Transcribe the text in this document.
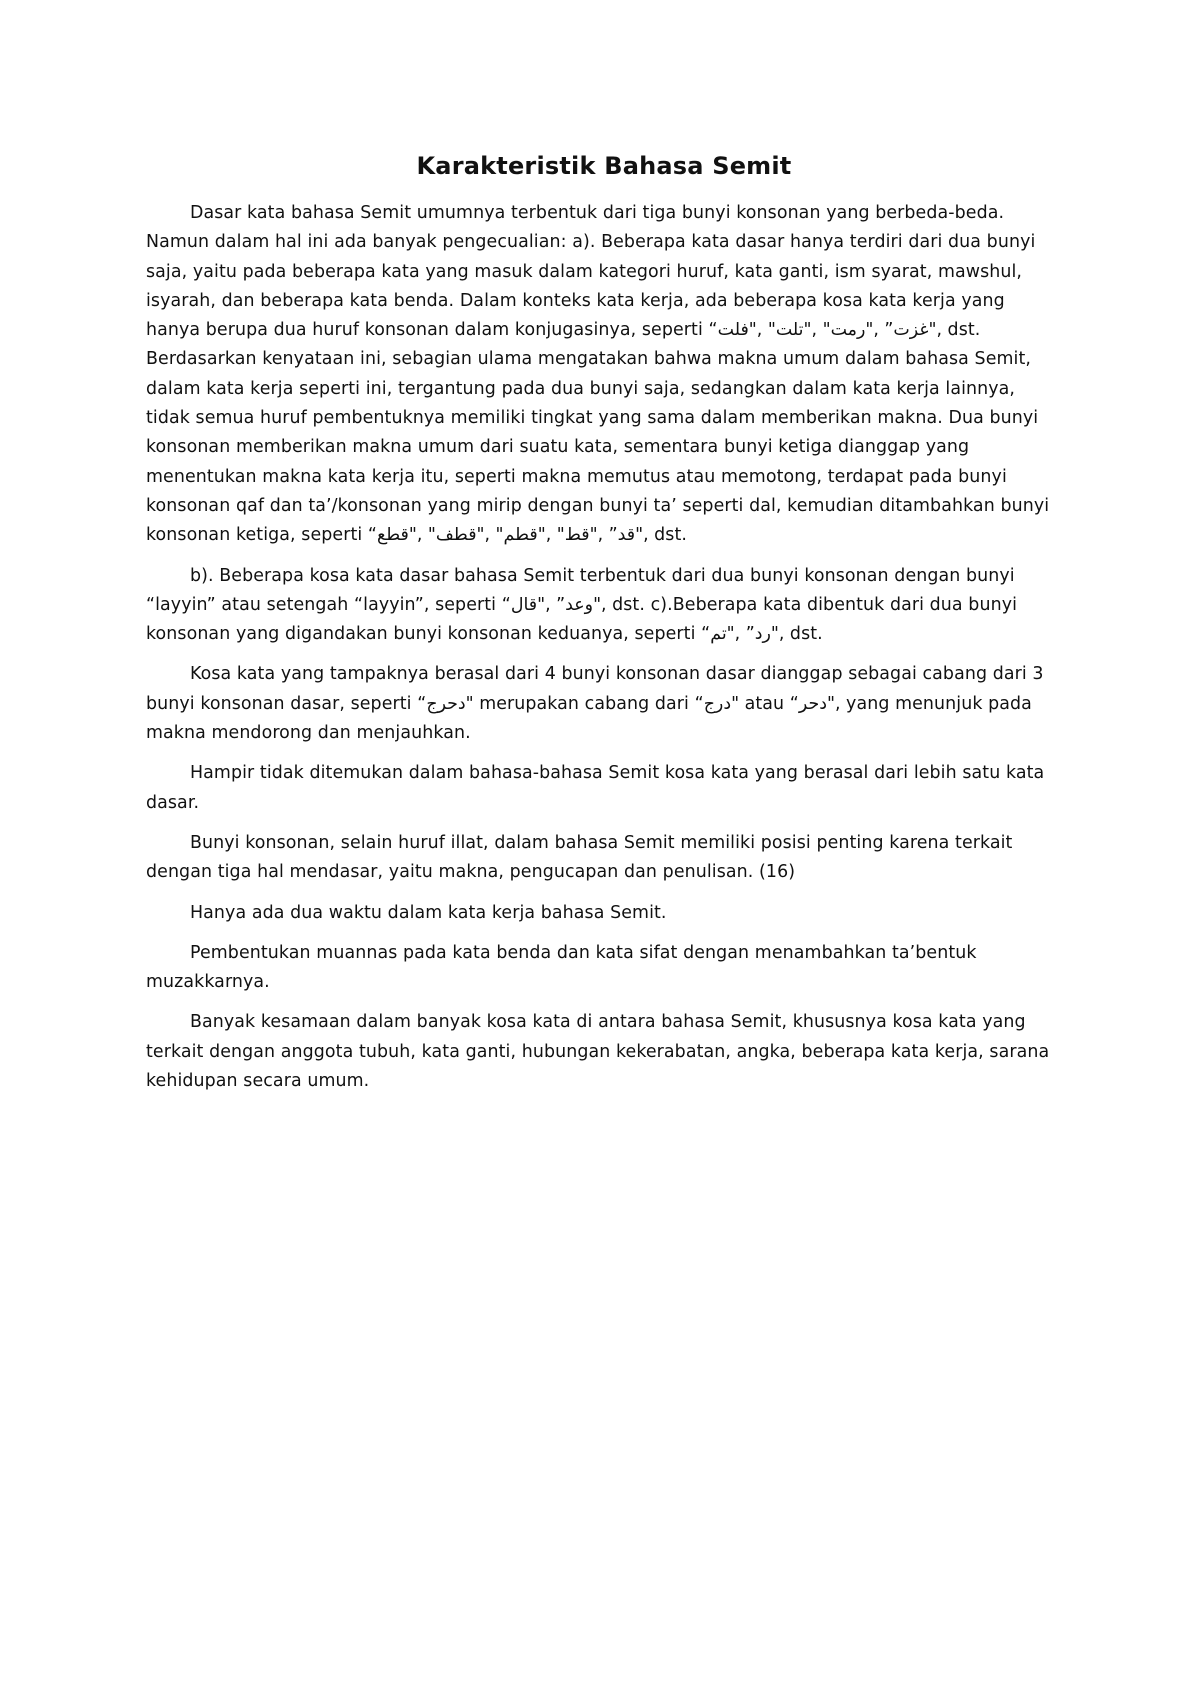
Karakteristik Bahasa Semit

Dasar kata bahasa Semit umumnya terbentuk dari tiga bunyi konsonan yang berbeda-beda. Namun dalam hal ini ada banyak pengecualian: a). Beberapa kata dasar hanya terdiri dari dua bunyi saja, yaitu pada beberapa kata yang masuk dalam kategori huruf, kata ganti, ism syarat, mawshul, isyarah, dan beberapa kata benda. Dalam konteks kata kerja, ada beberapa kosa kata kerja yang hanya berupa dua huruf konsonan dalam konjugasinya, seperti “غزت” ,"رمت" ,"تلت" ,"فلت", dst. Berdasarkan kenyataan ini, sebagian ulama mengatakan bahwa makna umum dalam bahasa Semit, dalam kata kerja seperti ini, tergantung pada dua bunyi saja, sedangkan dalam kata kerja lainnya, tidak semua huruf pembentuknya memiliki tingkat yang sama dalam memberikan makna. Dua bunyi konsonan memberikan makna umum dari suatu kata, sementara bunyi ketiga dianggap yang menentukan makna kata kerja itu, seperti makna memutus atau memotong, terdapat pada bunyi konsonan qaf dan ta’/konsonan yang mirip dengan bunyi ta’ seperti dal, kemudian ditambahkan bunyi konsonan ketiga, seperti “قد” ,"قط" ,"قطم" ,"قطف" ,"قطع", dst.

b). Beberapa kosa kata dasar bahasa Semit terbentuk dari dua bunyi konsonan dengan bunyi “layyin” atau setengah “layyin”, seperti “وعد” ,"قال", dst. c).Beberapa kata dibentuk dari dua bunyi konsonan yang digandakan bunyi konsonan keduanya, seperti “رد” ,"تم", dst.

Kosa kata yang tampaknya berasal dari 4 bunyi konsonan dasar dianggap sebagai cabang dari 3 bunyi konsonan dasar, seperti “دحرج" merupakan cabang dari “درج" atau “دحر", yang menunjuk pada makna mendorong dan menjauhkan.

Hampir tidak ditemukan dalam bahasa-bahasa Semit kosa kata yang berasal dari lebih satu kata dasar.

Bunyi konsonan, selain huruf illat, dalam bahasa Semit memiliki posisi penting karena terkait dengan tiga hal mendasar, yaitu makna, pengucapan dan penulisan. (16)

Hanya ada dua waktu dalam kata kerja bahasa Semit.

Pembentukan muannas pada kata benda dan kata sifat dengan menambahkan ta’bentuk muzakkarnya.

Banyak kesamaan dalam banyak kosa kata di antara bahasa Semit, khususnya kosa kata yang terkait dengan anggota tubuh, kata ganti, hubungan kekerabatan, angka, beberapa kata kerja, sarana kehidupan secara umum.
